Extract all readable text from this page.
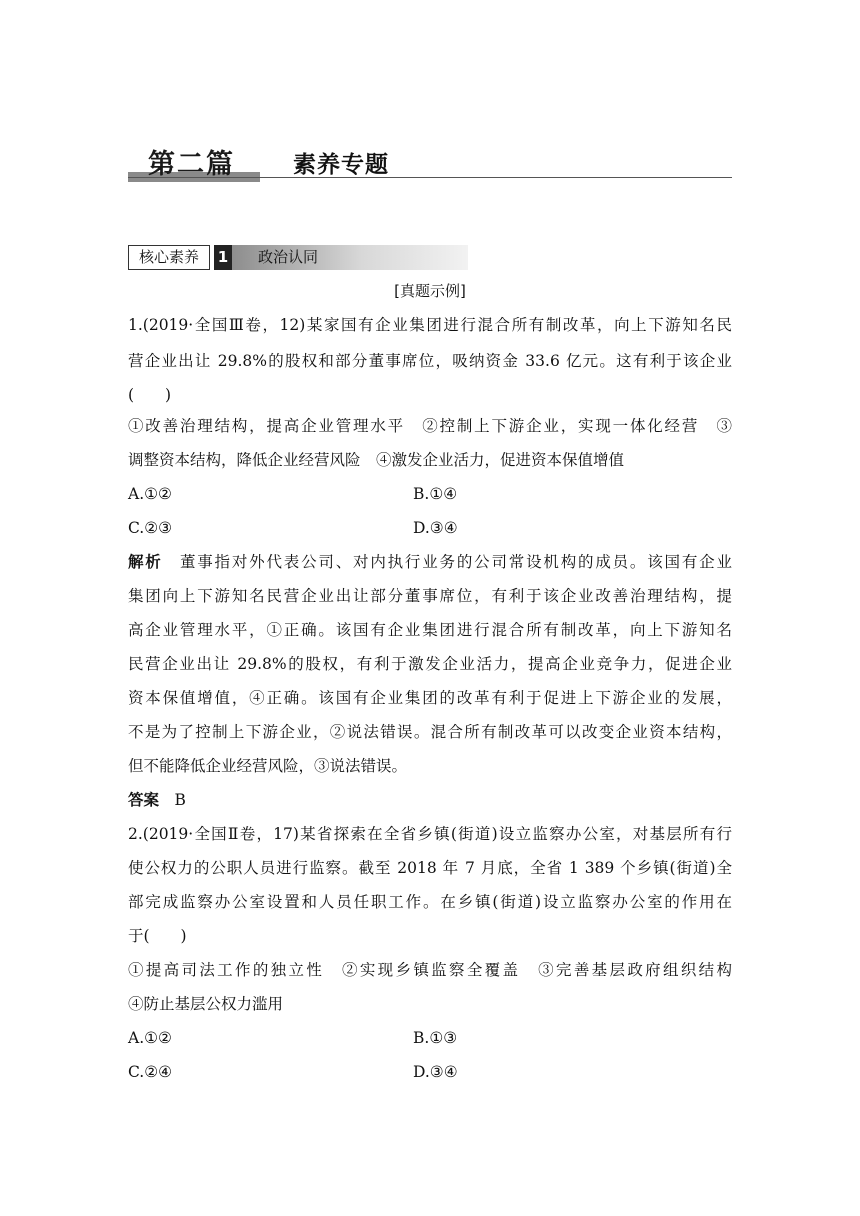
第二篇	素养专题
核心素养	1 政治认同
[真题示例]
1.(2019·全国Ⅲ卷，12)某家国有企业集团进行混合所有制改革，向上下游知名民
营企业出让 29.8%的股权和部分董事席位，吸纳资金 33.6 亿元。这有利于该企业
(　　)
①改善治理结构，提高企业管理水平　②控制上下游企业，实现一体化经营　③
调整资本结构，降低企业经营风险　④激发企业活力，促进资本保值增值
A.①②	B.①④
C.②③	D.③④
解析　 董事指对外代表公司、对内执行业务的公司常设机构的成员。该国有企业
集团向上下游知名民营企业出让部分董事席位，有利于该企业改善治理结构，提
高企业管理水平，①正确。该国有企业集团进行混合所有制改革，向上下游知名
民营企业出让 29.8%的股权，有利于激发企业活力，提高企业竞争力，促进企业
资本保值增值，④正确。该国有企业集团的改革有利于促进上下游企业的发展，
不是为了控制上下游企业，②说法错误。混合所有制改革可以改变企业资本结构，
但不能降低企业经营风险，③说法错误。
答案　 B
2.(2019·全国Ⅱ卷，17)某省探索在全省乡镇(街道)设立监察办公室，对基层所有行
使公权力的公职人员进行监察。截至 2018 年 7 月底，全省 1 389 个乡镇(街道)全
部完成监察办公室设置和人员任职工作。在乡镇(街道)设立监察办公室的作用在
于(　　)
①提高司法工作的独立性　②实现乡镇监察全覆盖　③完善基层政府组织结构
④防止基层公权力滥用
A.①②	B.①③
C.②④	D.③④
